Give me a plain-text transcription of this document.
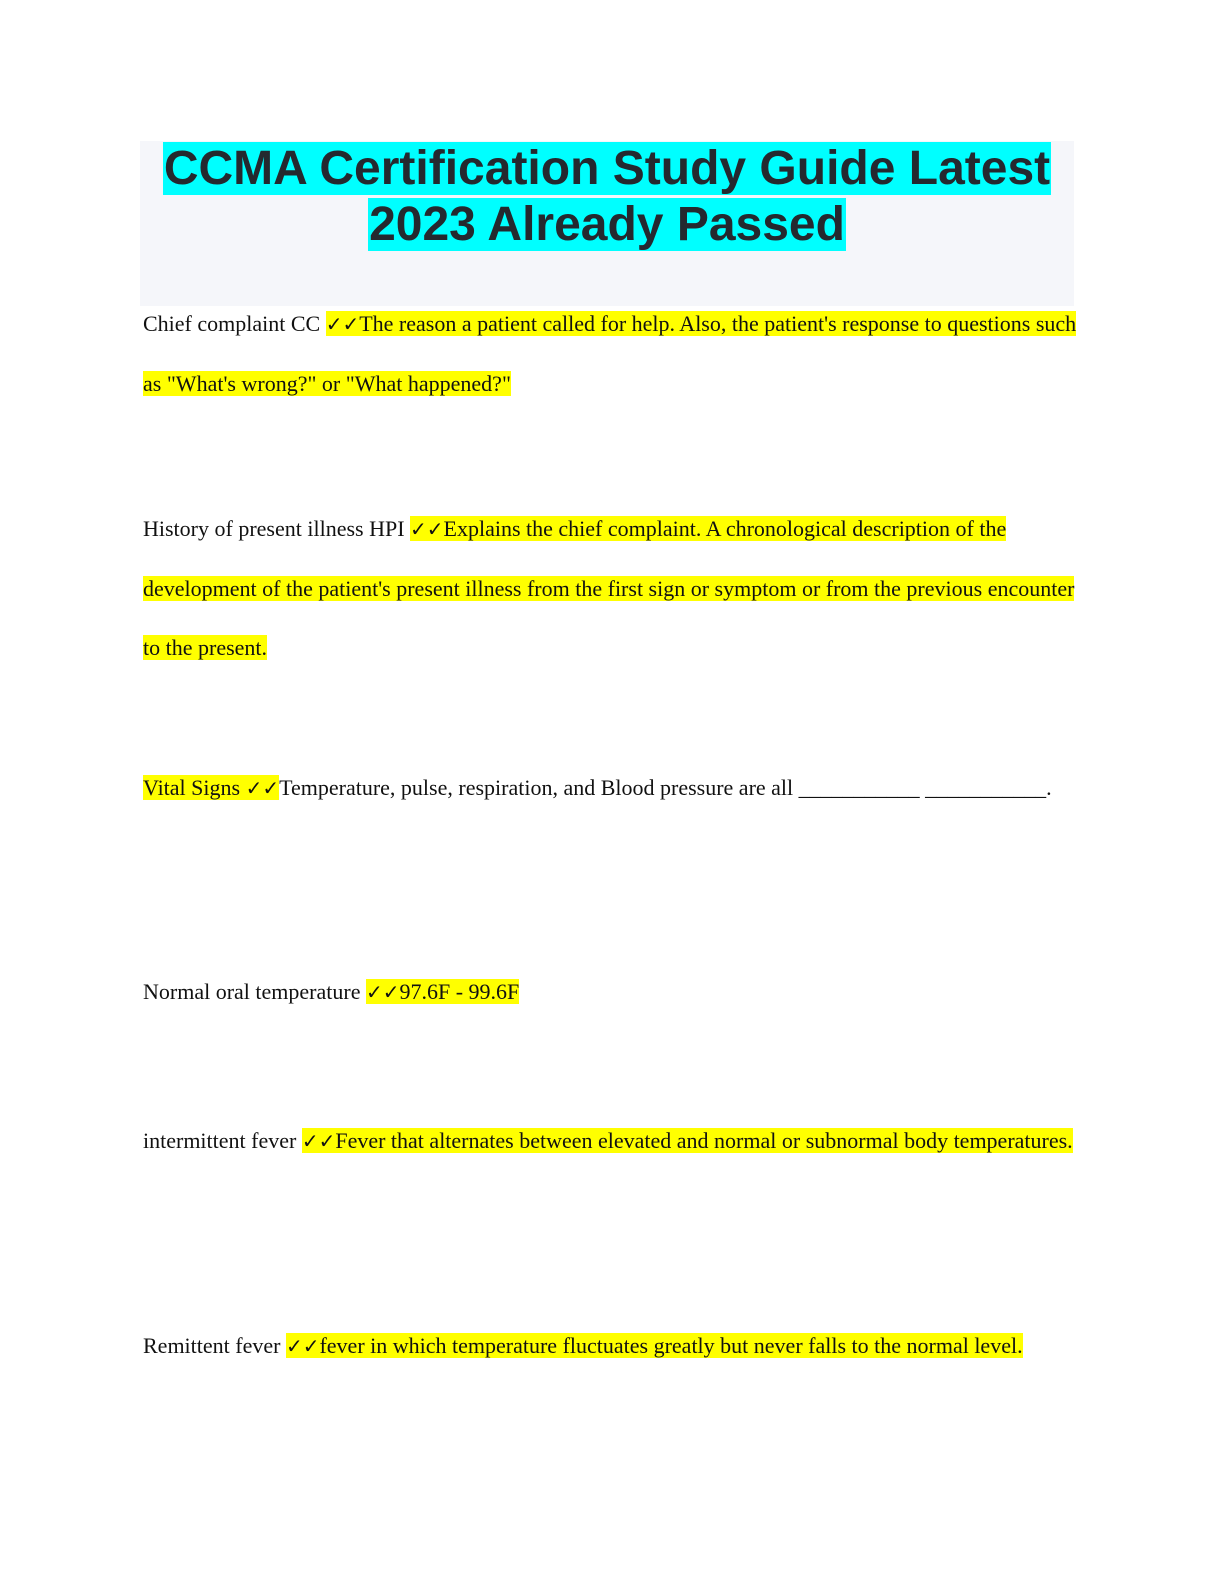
CCMA Certification Study Guide Latest
2023 Already Passed

Chief complaint CC ✓✓The reason a patient called for help. Also, the patient's response to questions such as "What's wrong?" or "What happened?"

History of present illness HPI ✓✓Explains the chief complaint. A chronological description of the development of the patient's present illness from the first sign or symptom or from the previous encounter to the present.

Vital Signs ✓✓Temperature, pulse, respiration, and Blood pressure are all ___________ ___________.

Normal oral temperature ✓✓97.6F - 99.6F

intermittent fever ✓✓Fever that alternates between elevated and normal or subnormal body temperatures.

Remittent fever ✓✓fever in which temperature fluctuates greatly but never falls to the normal level.
